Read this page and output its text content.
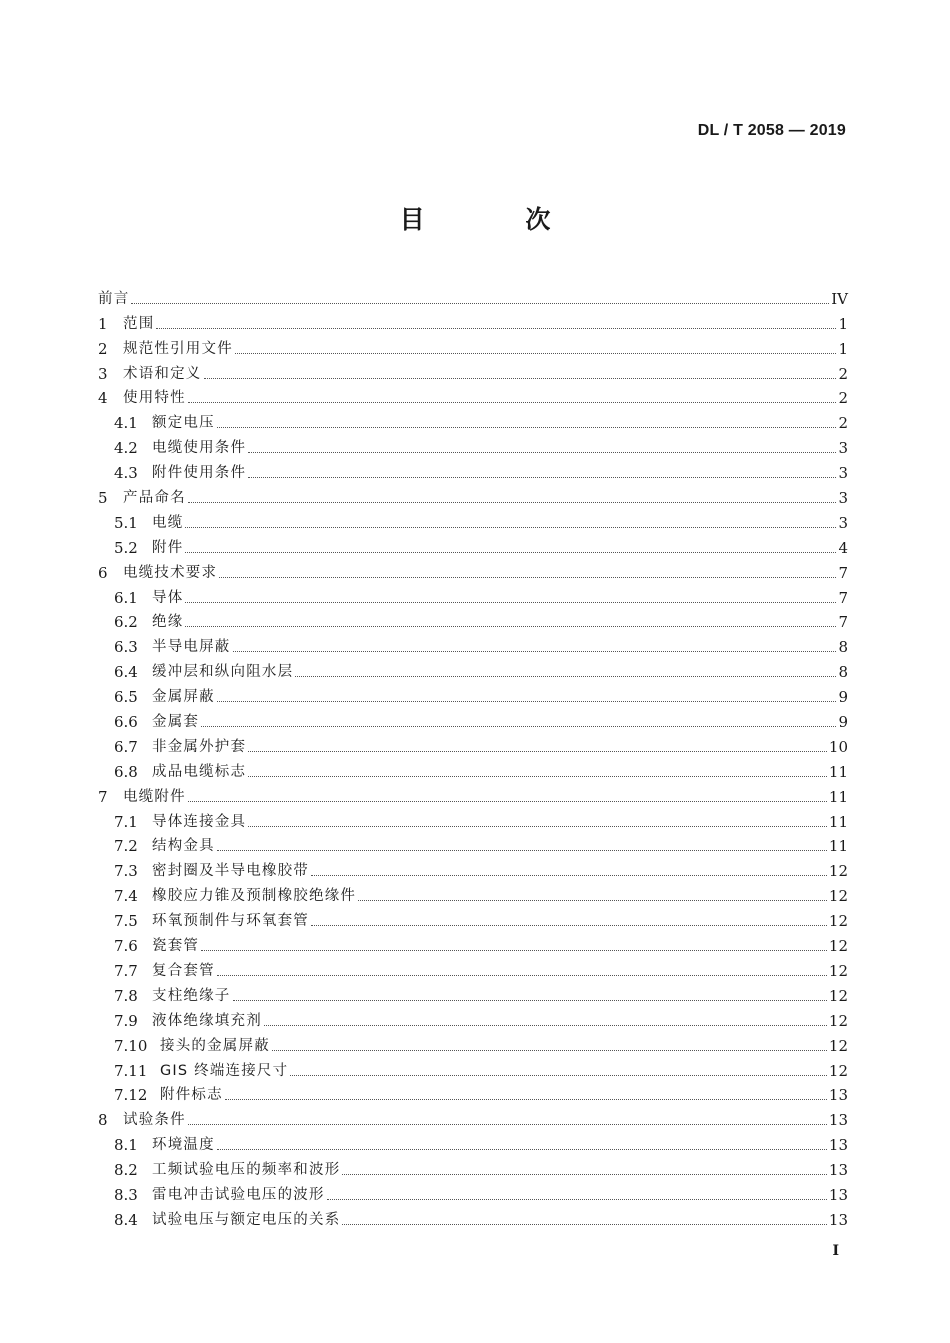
DL / T 2058 — 2019
目 次
前言	IV
1	范围	1
2	规范性引用文件	1
3	术语和定义	2
4	使用特性	2
4.1 额定电压	2
4.2 电缆使用条件	3
4.3 附件使用条件	3
5	产品命名	3
5.1 电缆	3
5.2 附件	4
6	电缆技术要求	7
6.1 导体	7
6.2 绝缘	7
6.3 半导电屏蔽	8
6.4 缓冲层和纵向阻水层	8
6.5 金属屏蔽	9
6.6 金属套	9
6.7 非金属外护套	10
6.8 成品电缆标志	11
7	电缆附件	11
7.1 导体连接金具	11
7.2 结构金具	11
7.3 密封圈及半导电橡胶带	12
7.4 橡胶应力锥及预制橡胶绝缘件	12
7.5 环氧预制件与环氧套管	12
7.6 瓷套管	12
7.7 复合套管	12
7.8 支柱绝缘子	12
7.9 液体绝缘填充剂	12
7.10 接头的金属屏蔽	12
7.11 GIS 终端连接尺寸	12
7.12 附件标志	13
8	试验条件	13
8.1 环境温度	13
8.2 工频试验电压的频率和波形	13
8.3 雷电冲击试验电压的波形	13
8.4 试验电压与额定电压的关系	13
I
